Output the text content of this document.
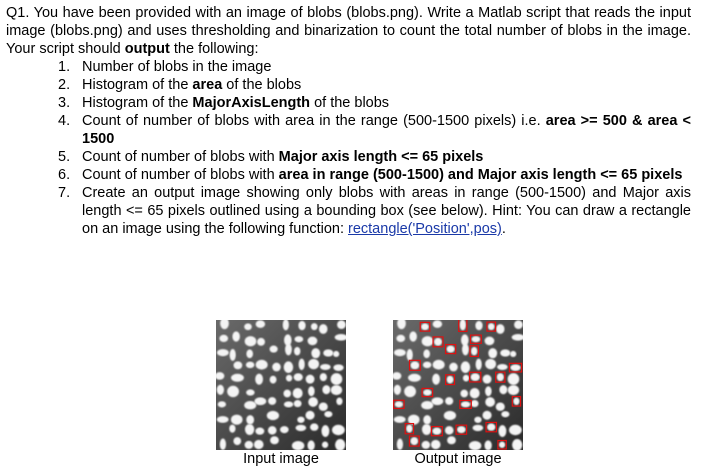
Q1. You have been provided with an image of blobs (blobs.png). Write a Matlab script that reads the input image (blobs.png) and uses thresholding and binarization to count the total number of blobs in the image. Your script should output the following:

1. Number of blobs in the image
2. Histogram of the area of the blobs
3. Histogram of the MajorAxisLength of the blobs
4. Count of number of blobs with area in the range (500-1500 pixels) i.e. area >= 500 & area < 1500
5. Count of number of blobs with Major axis length <= 65 pixels
6. Count of number of blobs with area in range (500-1500) and Major axis length <= 65 pixels
7. Create an output image showing only blobs with areas in range (500-1500) and Major axis length <= 65 pixels outlined using a bounding box (see below). Hint: You can draw a rectangle on an image using the following function: rectangle('Position',pos).
Input image	Output image
